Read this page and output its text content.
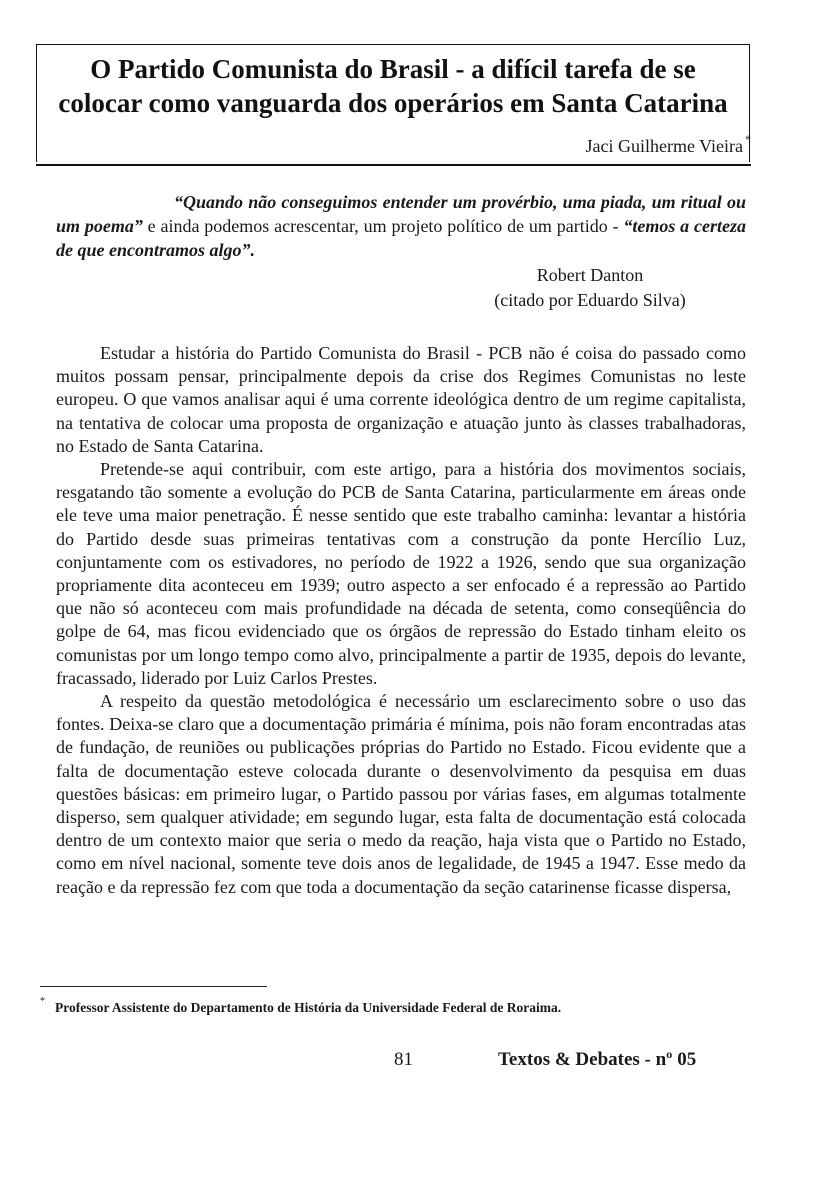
O Partido Comunista do Brasil - a difícil tarefa de se
colocar como vanguarda dos operários em Santa Catarina
Jaci Guilherme Vieira *

“Quando não conseguimos entender um provérbio, uma piada, um ritual ou um poema” e ainda podemos acrescentar, um projeto político de um partido - “temos a certeza de que encontramos algo”.

Robert Danton
(citado por Eduardo Silva)

Estudar a história do Partido Comunista do Brasil - PCB não é coisa do passado como muitos possam pensar, principalmente depois da crise dos Regimes Comunistas no leste europeu. O que vamos analisar aqui é uma corrente ideológica dentro de um regime capitalista, na tentativa de colocar uma proposta de organização e atuação junto às classes trabalhadoras, no Estado de Santa Catarina.

Pretende-se aqui contribuir, com este artigo, para a história dos movimentos sociais, resgatando tão somente a evolução do PCB de Santa Catarina, particularmente em áreas onde ele teve uma maior penetração. É nesse sentido que este trabalho caminha: levantar a história do Partido desde suas primeiras tentativas com a construção da ponte Hercílio Luz, conjuntamente com os estivadores, no período de 1922 a 1926, sendo que sua organização propriamente dita aconteceu em 1939; outro aspecto a ser enfocado é a repressão ao Partido que não só aconteceu com mais profundidade na década de setenta, como conseqüência do golpe de 64, mas ficou evidenciado que os órgãos de repressão do Estado tinham eleito os comunistas por um longo tempo como alvo, principalmente a partir de 1935, depois do levante, fracassado, liderado por Luiz Carlos Prestes.

A respeito da questão metodológica é necessário um esclarecimento sobre o uso das fontes. Deixa-se claro que a documentação primária é mínima, pois não foram encontradas atas de fundação, de reuniões ou publicações próprias do Partido no Estado. Ficou evidente que a falta de documentação esteve colocada durante o desenvolvimento da pesquisa em duas questões básicas: em primeiro lugar, o Partido passou por várias fases, em algumas totalmente disperso, sem qualquer atividade; em segundo lugar, esta falta de documentação está colocada dentro de um contexto maior que seria o medo da reação, haja vista que o Partido no Estado, como em nível nacional, somente teve dois anos de legalidade, de 1945 a 1947. Esse medo da reação e da repressão fez com que toda a documentação da seção catarinense ficasse dispersa,

* Professor Assistente do Departamento de História da Universidade Federal de Roraima.
81	Textos & Debates - nº 05
